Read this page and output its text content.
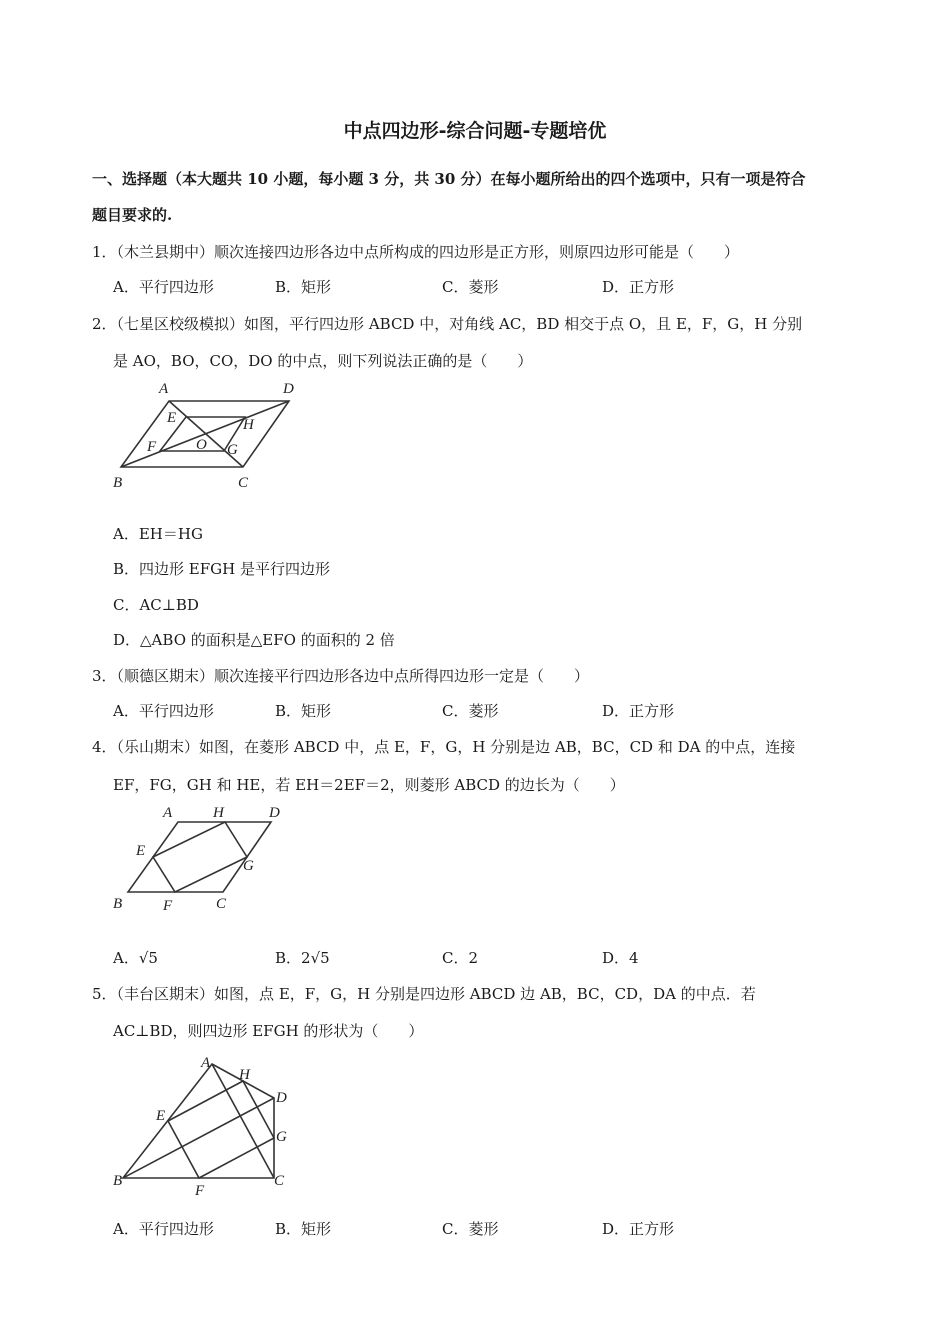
中点四边形-综合问题-专题培优
一、选择题（本大题共 10 小题，每小题 3 分，共 30 分）在每小题所给出的四个选项中，只有一项是符合
题目要求的.
1．（木兰县期中）顺次连接四边形各边中点所构成的四边形是正方形，则原四边形可能是（　　）
A．平行四边形	B．矩形	C．菱形	D．正方形
2．（七星区校级模拟）如图，平行四边形 ABCD 中，对角线 AC，BD 相交于点 O，且 E，F，G，H 分别
是 AO，BO，CO，DO 的中点，则下列说法正确的是（　　）
A	D
E	H
F	O G
B	C
A．EH＝HG
B．四边形 EFGH 是平行四边形
C．AC⊥BD
D．△ABO 的面积是△EFO 的面积的 2 倍
3．（顺德区期末）顺次连接平行四边形各边中点所得四边形一定是（　　）
A．平行四边形	B．矩形	C．菱形	D．正方形
4．（乐山期末）如图，在菱形 ABCD 中，点 E，F，G，H 分别是边 AB，BC，CD 和 DA 的中点，连接
EF，FG，GH 和 HE，若 EH＝2EF＝2，则菱形 ABCD 的边长为（　　）
A	H	D
E
G
B	F	C
A．√5	B．2√5	C．2	D．4
5．（丰台区期末）如图，点 E，F，G，H 分别是四边形 ABCD 边 AB，BC，CD，DA 的中点．若
AC⊥BD，则四边形 EFGH 的形状为（　　）
A
H
D
E
G
B
F
C
A．平行四边形	B．矩形	C．菱形	D．正方形
